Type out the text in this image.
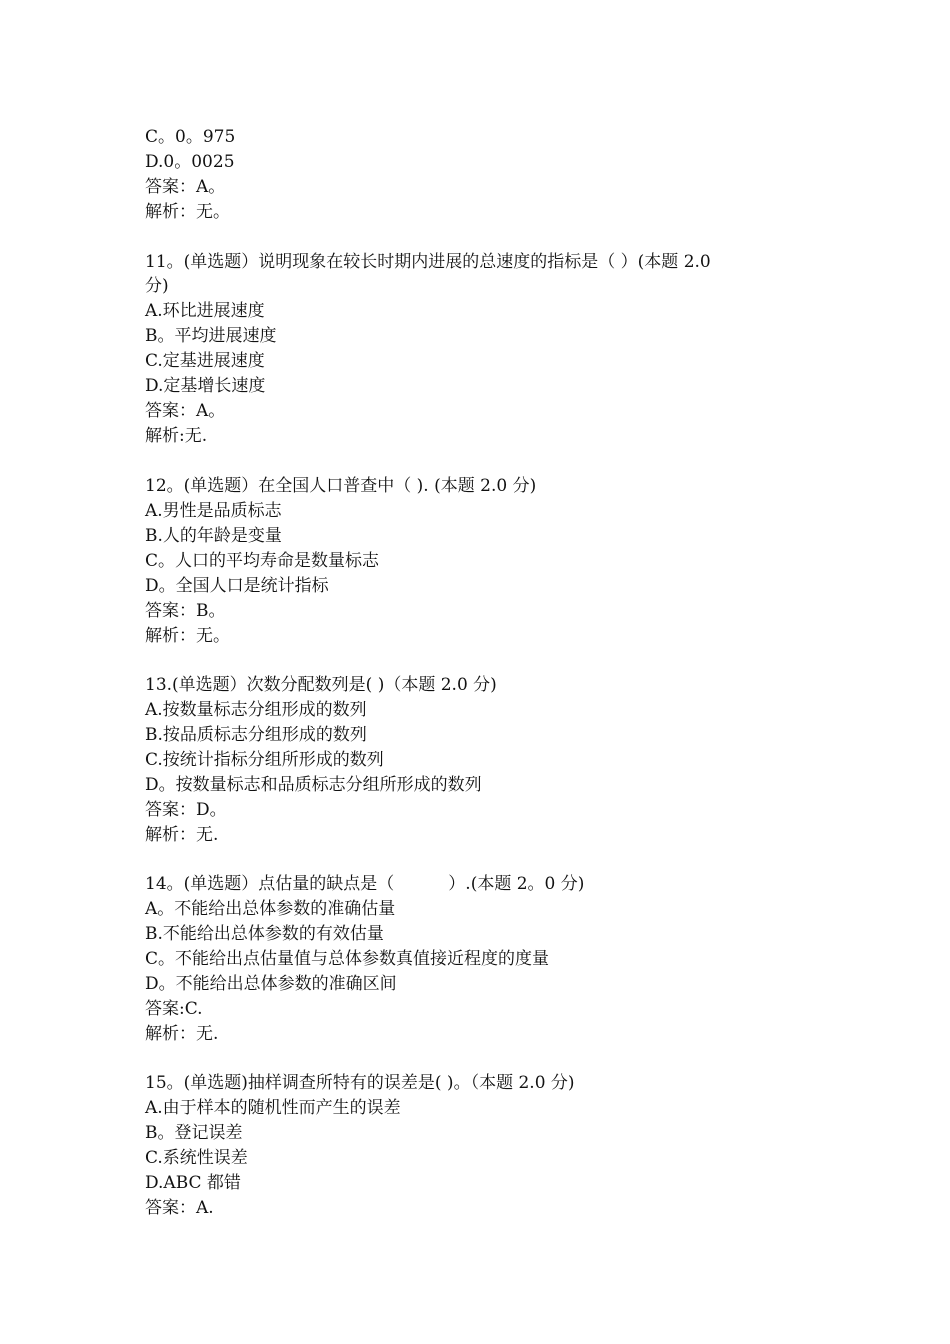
C。0。975
D.0。0025
答案：A。
解析：无。
11。(单选题）说明现象在较长时期内进展的总速度的指标是（ ）(本题 2.0
分)
A.环比进展速度
B。平均进展速度
C.定基进展速度
D.定基增长速度
答案：A。
解析:无.
12。(单选题）在全国人口普查中（ ). (本题 2.0 分)
A.男性是品质标志
B.人的年龄是变量
C。人口的平均寿命是数量标志
D。全国人口是统计指标
答案：B。
解析：无。
13.(单选题）次数分配数列是( )（本题 2.0 分)
A.按数量标志分组形成的数列
B.按品质标志分组形成的数列
C.按统计指标分组所形成的数列
D。按数量标志和品质标志分组所形成的数列
答案：D。
解析：无.
14。(单选题）点估量的缺点是（          ）.(本题 2。0 分)
A。不能给出总体参数的准确估量
B.不能给出总体参数的有效估量
C。不能给出点估量值与总体参数真值接近程度的度量
D。不能给出总体参数的准确区间
答案:C.
解析：无.
15。(单选题)抽样调查所特有的误差是( )。（本题 2.0 分)
A.由于样本的随机性而产生的误差
B。登记误差
C.系统性误差
D.ABC 都错
答案：A.
